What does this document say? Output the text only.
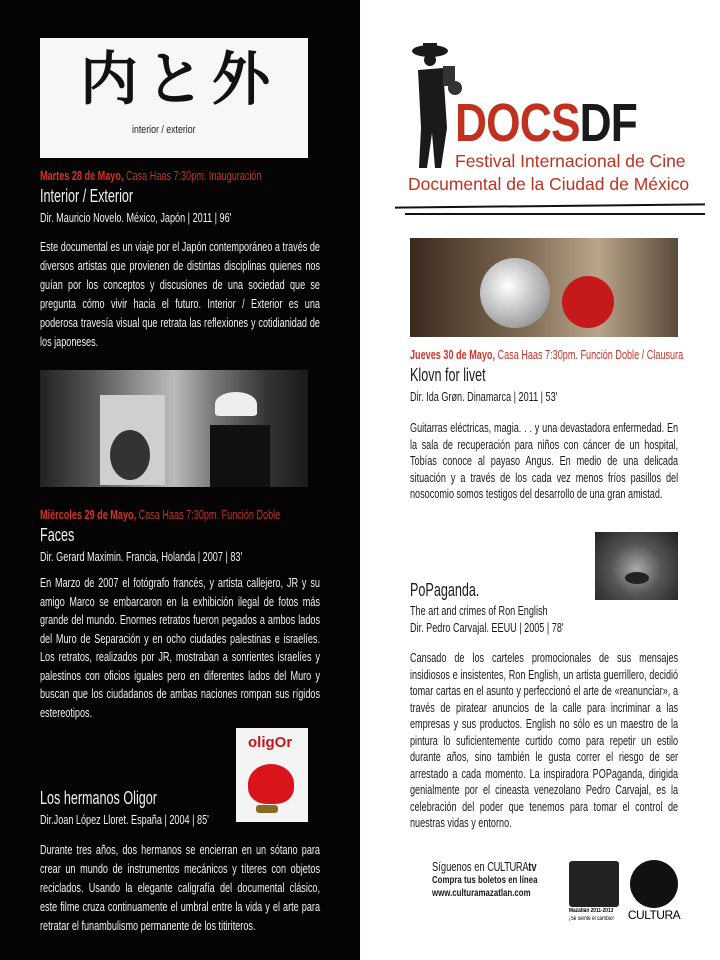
内と外
interior / exterior
Martes 28 de Mayo, Casa Haas 7:30pm. Inauguración
Interior / Exterior
Dir. Mauricio Novelo. México, Japón | 2011 | 96'
Este documental es un viaje por el Japón contemporáneo a través de diversos artistas que provienen de distintas disciplinas quienes nos guían por los conceptos y discusiones de una sociedad que se pregunta cómo vivir hacia el futuro. Interior / Exterior es una poderosa travesía visual que retrata las reflexiones y cotidianidad de los japoneses.
Miércoles 29 de Mayo, Casa Haas 7:30pm. Función Doble
Faces
Dir. Gerard Maximin. Francia, Holanda | 2007 | 83'
En Marzo de 2007 el fotógrafo francés, y artista callejero, JR y su amigo Marco se embarcaron en la exhibición ilegal de fotos más grande del mundo. Enormes retratos fueron pegados a ambos lados del Muro de Separación y en ocho ciudades palestinas e israelíes. Los retratos, realizados por JR, mostraban a sonrientes israelíes y palestinos con oficios iguales pero en diferentes lados del Muro y buscan que los ciudadanos de ambas naciones rompan sus rígidos estereotipos.
oligOr
Los hermanos Oligor
Dir.Joan López Lloret. España | 2004 | 85'
Durante tres años, dos hermanos se encierran en un sótano para crear un mundo de instrumentos mecánicos y títeres con objetos reciclados. Usando la elegante caligrafía del documental clásico, este filme cruza continuamente el umbral entre la vida y el arte para retratar el funambulismo permanente de los titiriteros.
DOCSDF
Festival Internacional de Cine
Documental de la Ciudad de México
Jueves 30 de Mayo, Casa Haas 7:30pm. Función Doble / Clausura
Klovn for livet
Dir. Ida Grøn. Dinamarca | 2011 | 53'
Guitarras eléctricas, magia. . . y una devastadora enfermedad. En la sala de recuperación para niños con cáncer de un hospital, Tobías conoce al payaso Angus. En medio de una delicada situación y a través de los cada vez menos fríos pasillos del nosocomio somos testigos del desarrollo de una gran amistad.
PoPaganda.
The art and crimes of Ron English
Dir. Pedro Carvajal. EEUU | 2005 | 78'
Cansado de los carteles promocionales de sus mensajes insidiosos e insistentes, Ron English, un artista guerrillero, decidió tomar cartas en el asunto y perfeccionó el arte de «reanunciar», a través de piratear anuncios de la calle para incriminar a las empresas y sus productos. English no sólo es un maestro de la pintura lo suficientemente curtido como para repetir un estilo durante años, sino también le gusta correr el riesgo de ser arrestado a cada momento. La inspiradora POPaganda, dirigida genialmente por el cineasta venezolano Pedro Carvajal, es la celebración del poder que tenemos para tomar el control de nuestras vidas y entorno.
Síguenos en CULTURAtv
Compra tus boletos en línea
www.culturamazatlan.com
Mazatlán 2011-2013
¡Se siente el cambio! CULTURA
